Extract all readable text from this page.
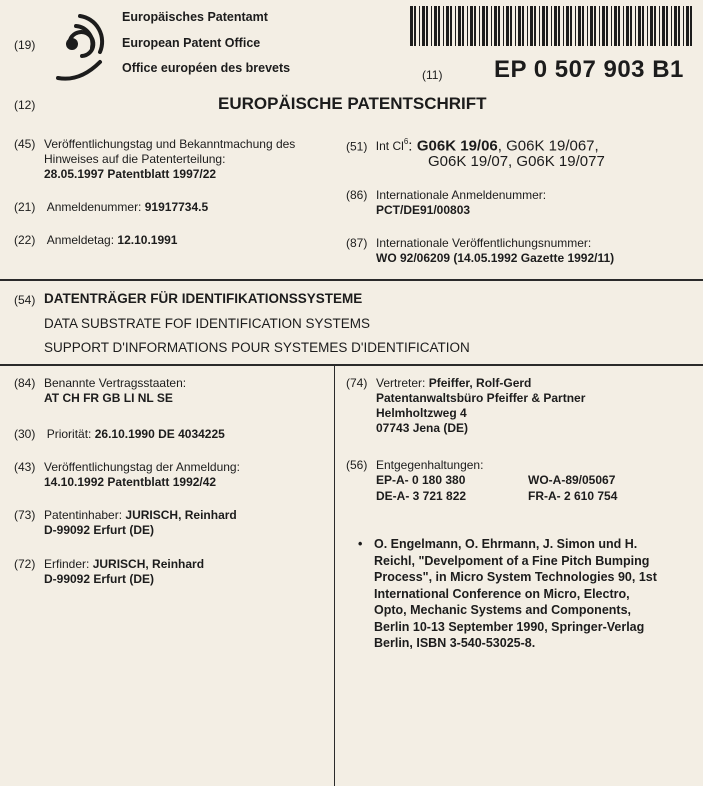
(19)
Europäisches Patentamt
European Patent Office
Office européen des brevets	(11) EP 0 507 903 B1
(12)	EUROPÄISCHE PATENTSCHRIFT
(45) Veröffentlichungstag und Bekanntmachung des
Hinweises auf die Patenterteilung:
28.05.1997 Patentblatt 1997/22
(21) Anmeldenummer: 91917734.5
(22) Anmeldetag: 12.10.1991
(51) Int Cl$^6$: G06K 19/06, G06K 19/067,
G06K 19/07, G06K 19/077
(86) Internationale Anmeldenummer:
PCT/DE91/00803
(87) Internationale Veröffentlichungsnummer:
WO 92/06209 (14.05.1992 Gazette 1992/11)
(54) DATENTRÄGER FÜR IDENTIFIKATIONSSYSTEME
DATA SUBSTRATE FOF IDENTIFICATION SYSTEMS
SUPPORT D'INFORMATIONS POUR SYSTEMES D'IDENTIFICATION
(84) Benannte Vertragsstaaten:
AT CH FR GB LI NL SE
(30) Priorität: 26.10.1990 DE 4034225
(43) Veröffentlichungstag der Anmeldung:
14.10.1992 Patentblatt 1992/42
(73) Patentinhaber: JURISCH, Reinhard
D-99092 Erfurt (DE)
(72) Erfinder: JURISCH, Reinhard
D-99092 Erfurt (DE)
(74) Vertreter: Pfeiffer, Rolf-Gerd
Patentanwaltsbüro Pfeiffer & Partner
Helmholtzweg 4
07743 Jena (DE)
(56) Entgegenhaltungen:
EP-A- 0 180 380	WO-A-89/05067
DE-A- 3 721 822	FR-A- 2 610 754
• O. Engelmann, O. Ehrmann, J. Simon und H.
Reichl, "Develpoment of a Fine Pitch Bumping
Process", in Micro System Technologies 90, 1st
International Conference on Micro, Electro,
Opto, Mechanic Systems and Components,
Berlin 10-13 September 1990, Springer-Verlag
Berlin, ISBN 3-540-53025-8.
